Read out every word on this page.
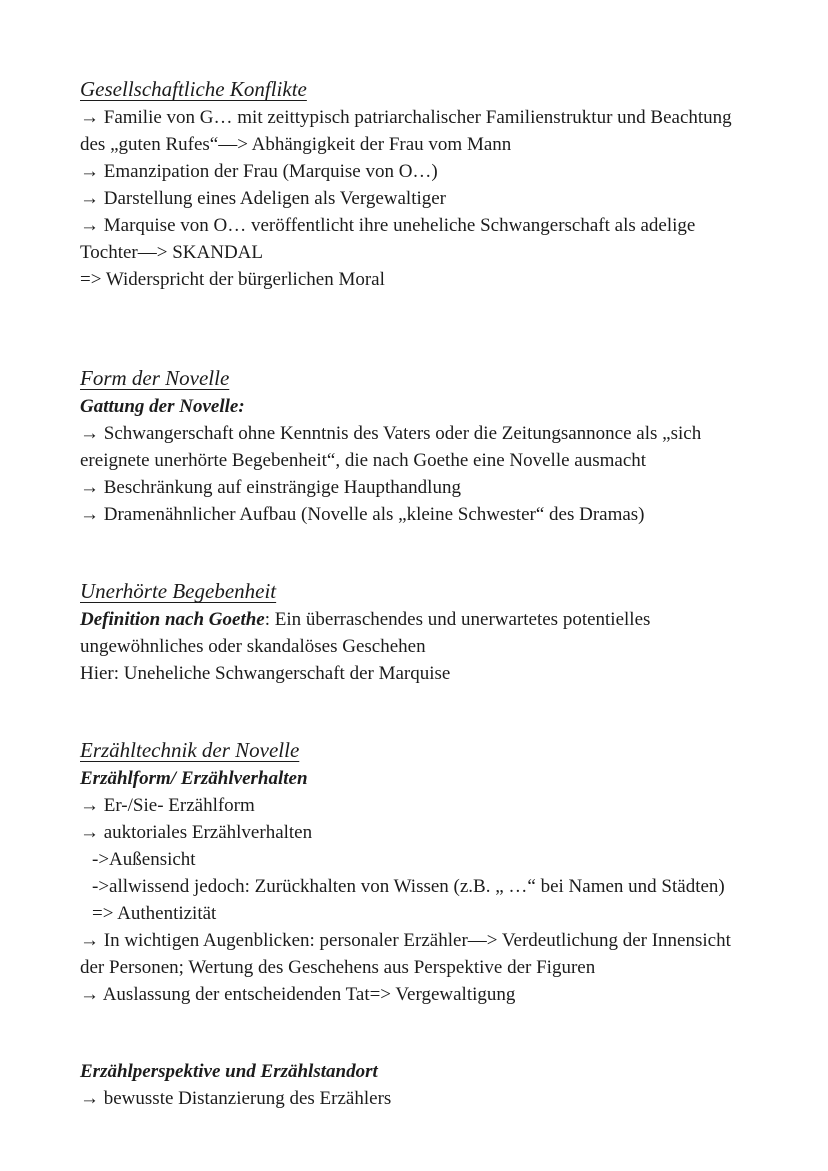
Gesellschaftliche Konflikte

→ Familie von G… mit zeittypisch patriarchalischer Familienstruktur und Beachtung des „guten Rufes“—> Abhängigkeit der Frau vom Mann

→ Emanzipation der Frau (Marquise von O…)

→ Darstellung eines Adeligen als Vergewaltiger

→ Marquise von O… veröffentlicht ihre uneheliche Schwangerschaft als adelige Tochter—> SKANDAL

=> Widerspricht der bürgerlichen Moral

Form der Novelle

Gattung der Novelle:

→ Schwangerschaft ohne Kenntnis des Vaters oder die Zeitungsannonce als „sich ereignete unerhörte Begebenheit“, die nach Goethe eine Novelle ausmacht

→ Beschränkung auf einsträngige Haupthandlung

→ Dramenähnlicher Aufbau (Novelle als „kleine Schwester“ des Dramas)

Unerhörte Begebenheit

Definition nach Goethe: Ein überraschendes und unerwartetes potentielles ungewöhnliches oder skandalöses Geschehen

Hier: Uneheliche Schwangerschaft der Marquise

Erzähltechnik der Novelle

Erzählform/ Erzählverhalten

→ Er-/Sie- Erzählform

→ auktoriales Erzählverhalten

->Außensicht

->allwissend jedoch: Zurückhalten von Wissen (z.B. „ …“ bei Namen und Städten)

=> Authentizität

→ In wichtigen Augenblicken: personaler Erzähler—> Verdeutlichung der Innensicht der Personen; Wertung des Geschehens aus Perspektive der Figuren

→ Auslassung der entscheidenden Tat=> Vergewaltigung

Erzählperspektive und Erzählstandort

→ bewusste Distanzierung des Erzählers
